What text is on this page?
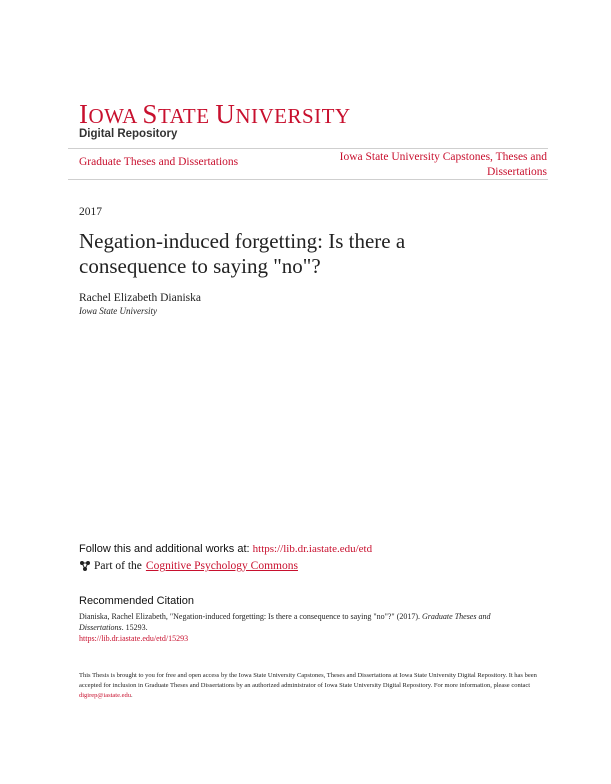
IOWA STATE UNIVERSITY
Digital Repository
Graduate Theses and Dissertations	Iowa State University Capstones, Theses and Dissertations
2017
Negation-induced forgetting: Is there a consequence to saying "no"?
Rachel Elizabeth Dianiska
Iowa State University
Follow this and additional works at: https://lib.dr.iastate.edu/etd
Part of the Cognitive Psychology Commons
Recommended Citation
Dianiska, Rachel Elizabeth, "Negation-induced forgetting: Is there a consequence to saying "no"?" (2017). Graduate Theses and Dissertations. 15293.
https://lib.dr.iastate.edu/etd/15293
This Thesis is brought to you for free and open access by the Iowa State University Capstones, Theses and Dissertations at Iowa State University Digital Repository. It has been accepted for inclusion in Graduate Theses and Dissertations by an authorized administrator of Iowa State University Digital Repository. For more information, please contact digirep@iastate.edu.
